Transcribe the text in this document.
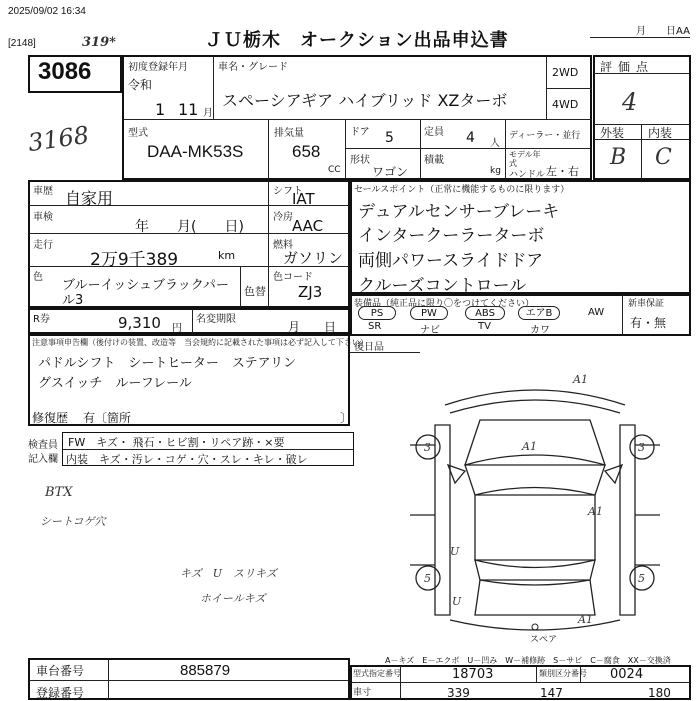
2025/09/02 16:34
[2148]	319*	ＪＵ栃木　オークション出品申込書	月　　日AA
3086
3168
初度登録年月
令和
1 11 月
車名・グレード
スペーシアギア ハイブリッド XZターボ
2WD
4WD
型式
DAA-MK53S
排気量
658
CC
ドア 5	定員 4 人
ディーラー・並行
形状
ワゴン
積載
kg
モデル年式
ハンドル 左・右
評価点
4
外装 内装
B C
車歴 自家用
車検
年　　月(　　日)
走行
2万9千389	km
色
ブルーイッシュブラックパール3
色替
シフト
IAT
冷房 AAC
燃料
ガソリン
色コード
ZJ3
R券	9,310 円
名変期限
月　　日
注意事項申告欄（後付けの装置、改造等　当会規約に記載された事項は必ず記入して下さい）
パドルシフト　シートヒーター　ステアリン
グスイッチ　ルーフレール
修復歴 有〔箇所	〕
検査員
記入欄
FW　キズ・ 飛石・ヒビ割・リペア跡・×要
内装　キズ・汚レ・コゲ・穴・スレ・キレ・破レ
BTX
シートコゲ穴
キズ　U　スリキズ
ホイールキズ
セールスポイント（正常に機能するものに限ります）
デュアルセンサーブレーキ
インタークーラーターボ
両側パワースライドドア
クルーズコントロール
装備品（純正品に限り〇をつけてください）
PS	PW	ABS	エアB	AW
SR	ナビ	TV	カワ
新車保証
有・無
後日品
A1
A1
A1
A1
3	3
5	5
U
U
スペア
A－キズ　E－エクボ　U－凹み　W－補修跡　S－サビ　C－腐食　XX－交換済
車台番号	885879
登録番号
型式指定番号	18703	類別区分番号 0024
車寸	339	147	180
